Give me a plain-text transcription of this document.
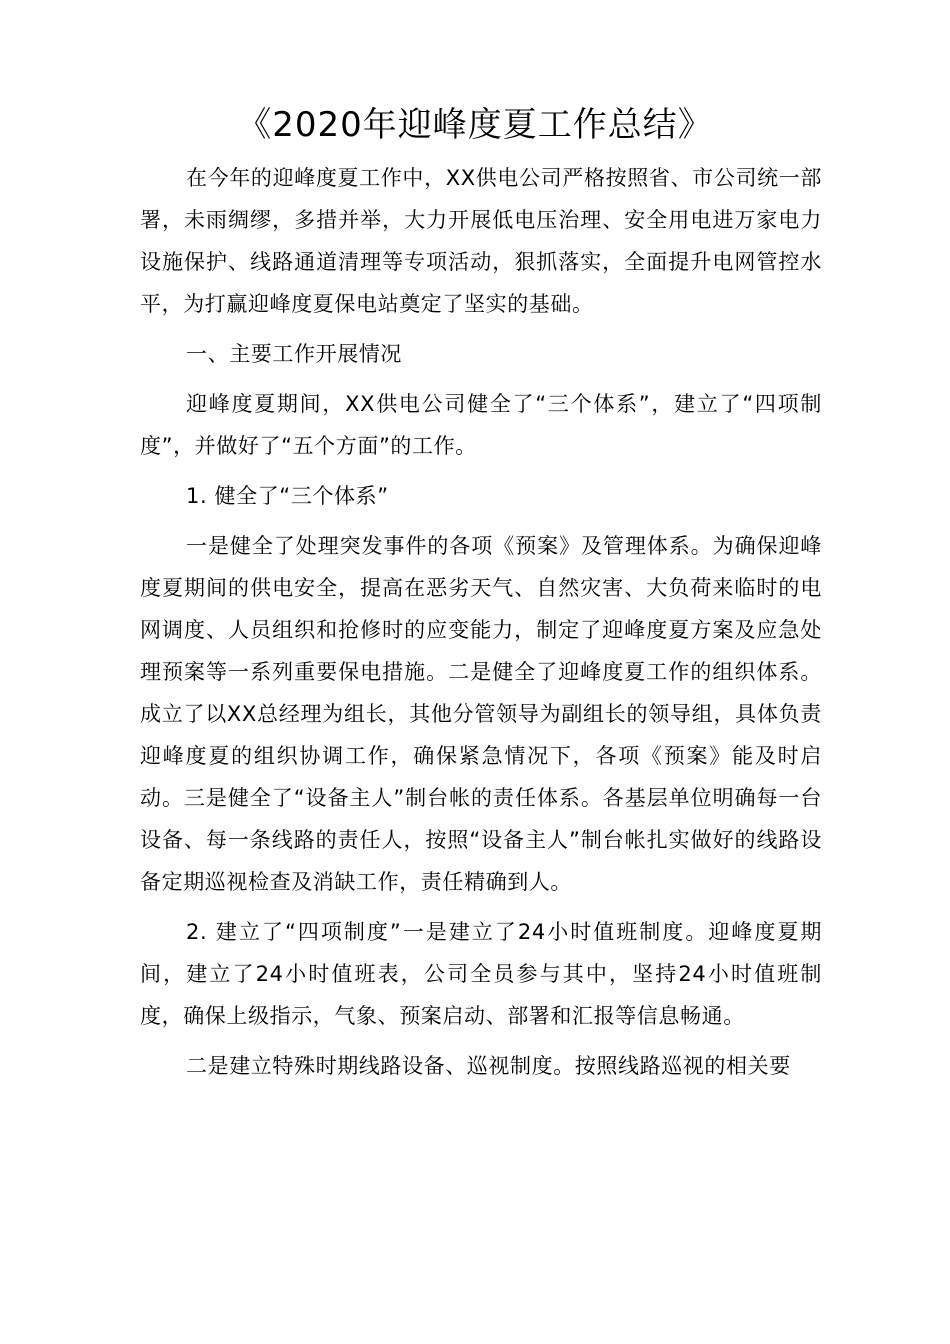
《2020年迎峰度夏工作总结》

在今年的迎峰度夏工作中，XX供电公司严格按照省、市公司统一部署，未雨绸缪，多措并举，大力开展低电压治理、安全用电进万家电力设施保护、线路通道清理等专项活动，狠抓落实，全面提升电网管控水平，为打赢迎峰度夏保电站奠定了坚实的基础。

一、主要工作开展情况

迎峰度夏期间，XX供电公司健全了“三个体系”，建立了“四项制度”，并做好了“五个方面”的工作。

1. 健全了“三个体系”

一是健全了处理突发事件的各项《预案》及管理体系。为确保迎峰度夏期间的供电安全，提高在恶劣天气、自然灾害、大负荷来临时的电网调度、人员组织和抢修时的应变能力，制定了迎峰度夏方案及应急处理预案等一系列重要保电措施。二是健全了迎峰度夏工作的组织体系。成立了以XX总经理为组长，其他分管领导为副组长的领导组，具体负责迎峰度夏的组织协调工作，确保紧急情况下，各项《预案》能及时启动。三是健全了“设备主人”制台帐的责任体系。各基层单位明确每一台设备、每一条线路的责任人，按照“设备主人”制台帐扎实做好的线路设备定期巡视检查及消缺工作，责任精确到人。

2. 建立了“四项制度”一是建立了24小时值班制度。迎峰度夏期间，建立了24小时值班表，公司全员参与其中，坚持24小时值班制度，确保上级指示，气象、预案启动、部署和汇报等信息畅通。

二是建立特殊时期线路设备、巡视制度。按照线路巡视的相关要
